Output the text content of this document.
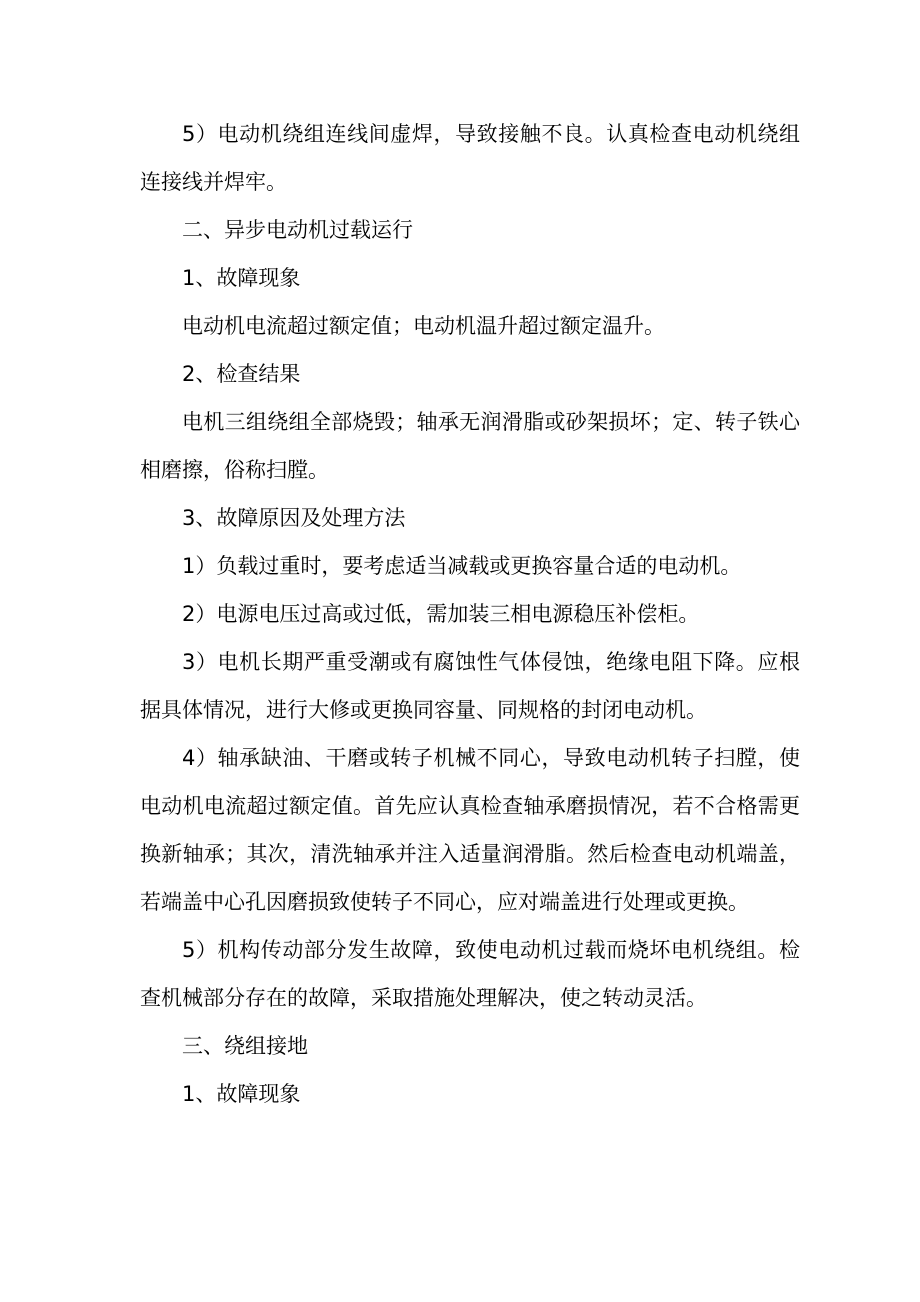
5）电动机绕组连线间虚焊，导致接触不良。认真检查电动机绕组连接线并焊牢。

二、异步电动机过载运行

1、故障现象

电动机电流超过额定值；电动机温升超过额定温升。

2、检查结果

电机三组绕组全部烧毁；轴承无润滑脂或砂架损坏；定、转子铁心相磨擦，俗称扫膛。

3、故障原因及处理方法

1）负载过重时，要考虑适当减载或更换容量合适的电动机。

2）电源电压过高或过低，需加装三相电源稳压补偿柜。

3）电机长期严重受潮或有腐蚀性气体侵蚀，绝缘电阻下降。应根据具体情况，进行大修或更换同容量、同规格的封闭电动机。

4）轴承缺油、干磨或转子机械不同心，导致电动机转子扫膛，使电动机电流超过额定值。首先应认真检查轴承磨损情况，若不合格需更换新轴承；其次，清洗轴承并注入适量润滑脂。然后检查电动机端盖，若端盖中心孔因磨损致使转子不同心，应对端盖进行处理或更换。

5）机构传动部分发生故障，致使电动机过载而烧坏电机绕组。检查机械部分存在的故障，采取措施处理解决，使之转动灵活。

三、绕组接地

1、故障现象
